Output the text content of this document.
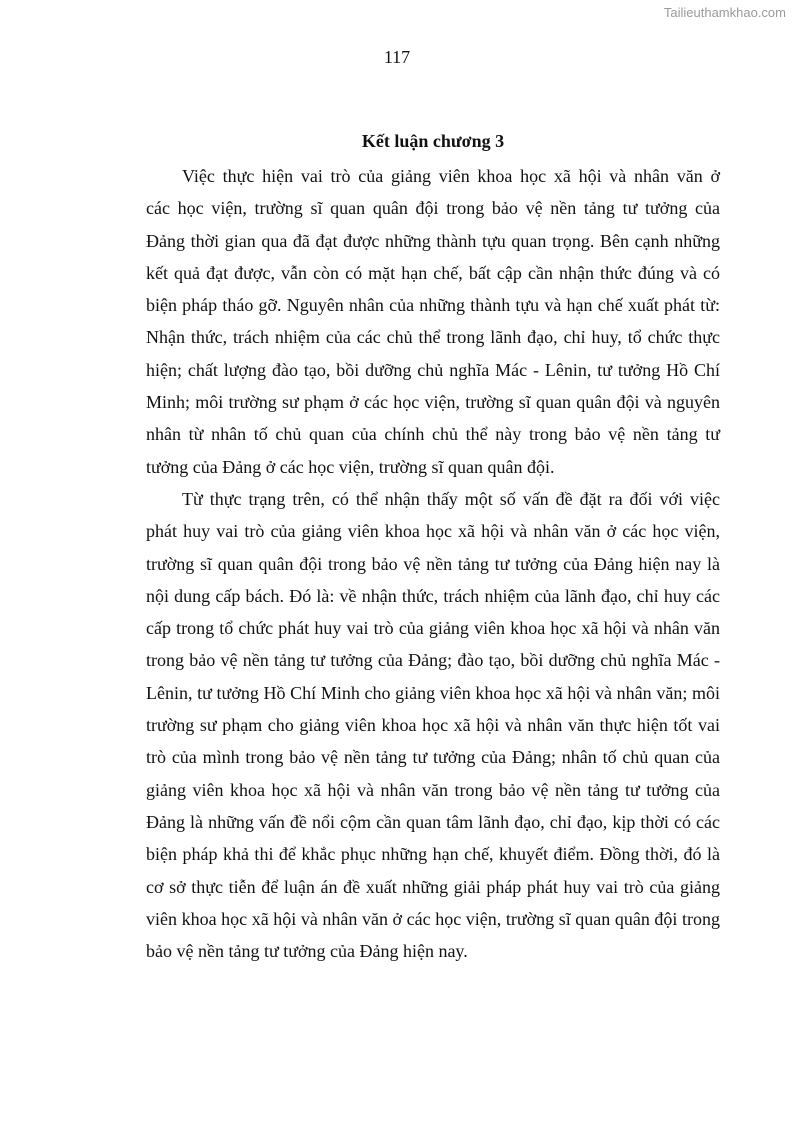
Tailieuthamkhao.com
117
Kết luận chương 3
Việc thực hiện vai trò của giảng viên khoa học xã hội và nhân văn ở
các học viện, trường sĩ quan quân đội trong bảo vệ nền tảng tư tưởng của
Đảng thời gian qua đã đạt được những thành tựu quan trọng. Bên cạnh những
kết quả đạt được, vẫn còn có mặt hạn chế, bất cập cần nhận thức đúng và có
biện pháp tháo gỡ. Nguyên nhân của những thành tựu và hạn chế xuất phát từ:
Nhận thức, trách nhiệm của các chủ thể trong lãnh đạo, chỉ huy, tổ chức thực
hiện; chất lượng đào tạo, bồi dưỡng chủ nghĩa Mác - Lênin, tư tưởng Hồ Chí
Minh; môi trường sư phạm ở các học viện, trường sĩ quan quân đội và nguyên
nhân từ nhân tố chủ quan của chính chủ thể này trong bảo vệ nền tảng tư
tưởng của Đảng ở các học viện, trường sĩ quan quân đội.
Từ thực trạng trên, có thể nhận thấy một số vấn đề đặt ra đối với việc
phát huy vai trò của giảng viên khoa học xã hội và nhân văn ở các học viện,
trường sĩ quan quân đội trong bảo vệ nền tảng tư tưởng của Đảng hiện nay là
nội dung cấp bách. Đó là: về nhận thức, trách nhiệm của lãnh đạo, chỉ huy các
cấp trong tổ chức phát huy vai trò của giảng viên khoa học xã hội và nhân văn
trong bảo vệ nền tảng tư tưởng của Đảng; đào tạo, bồi dưỡng chủ nghĩa Mác -
Lênin, tư tưởng Hồ Chí Minh cho giảng viên khoa học xã hội và nhân văn; môi
trường sư phạm cho giảng viên khoa học xã hội và nhân văn thực hiện tốt vai
trò của mình trong bảo vệ nền tảng tư tưởng của Đảng; nhân tố chủ quan của
giảng viên khoa học xã hội và nhân văn trong bảo vệ nền tảng tư tưởng của
Đảng là những vấn đề nổi cộm cần quan tâm lãnh đạo, chỉ đạo, kịp thời có các
biện pháp khả thi để khắc phục những hạn chế, khuyết điểm. Đồng thời, đó là
cơ sở thực tiễn để luận án đề xuất những giải pháp phát huy vai trò của giảng
viên khoa học xã hội và nhân văn ở các học viện, trường sĩ quan quân đội trong
bảo vệ nền tảng tư tưởng của Đảng hiện nay.
